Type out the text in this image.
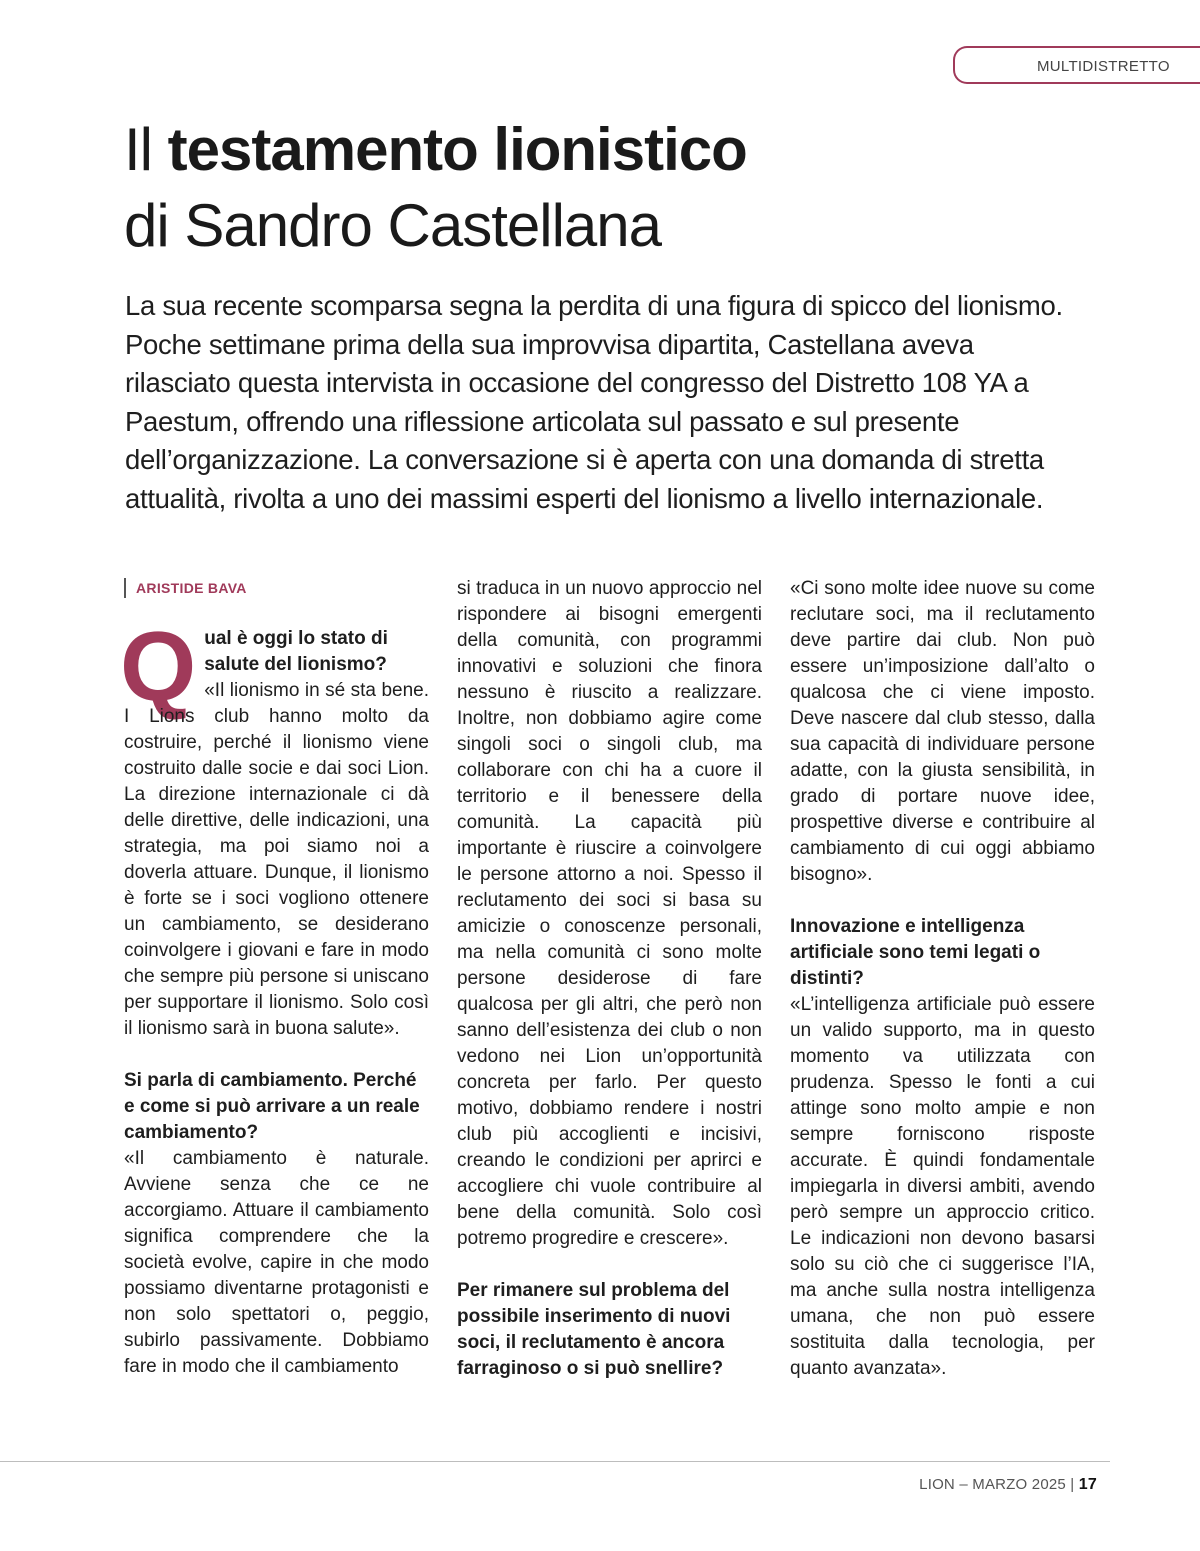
MULTIDISTRETTO
Il testamento lionistico
di Sandro Castellana

La sua recente scomparsa segna la perdita di una figura di spicco del lionismo. Poche settimane prima della sua improvvisa dipartita, Castellana aveva rilasciato questa intervista in occasione del congresso del Distretto 108 YA a Paestum, offrendo una riflessione articolata sul passato e sul presente dell’organizzazione. La conversazione si è aperta con una domanda di stretta attualità, rivolta a uno dei massimi esperti del lionismo a livello internazionale.

ARISTIDE BAVA
Q ual è oggi lo stato di salute del lionismo?

«Il lionismo in sé sta bene. I Lions club hanno molto da costruire, perché il lionismo viene costruito dalle socie e dai soci Lion. La direzione internazionale ci dà delle direttive, delle indicazioni, una strategia, ma poi siamo noi a doverla attuare. Dunque, il lionismo è forte se i soci vogliono ottenere un cambiamento, se desiderano coinvolgere i giovani e fare in modo che sempre più persone si uniscano per supportare il lionismo. Solo così il lionismo sarà in buona salute».

Si parla di cambiamento. Perché e come si può arrivare a un reale cambiamento?

«Il cambiamento è naturale. Avviene senza che ce ne accorgiamo. Attuare il cambiamento significa comprendere che la società evolve, capire in che modo possiamo diventarne protagonisti e non solo spettatori o, peggio, subirlo passivamente. Dobbiamo fare in modo che il cambiamento

si traduca in un nuovo approccio nel rispondere ai bisogni emergenti della comunità, con programmi innovativi e soluzioni che finora nessuno è riuscito a realizzare. Inoltre, non dobbiamo agire come singoli soci o singoli club, ma collaborare con chi ha a cuore il territorio e il benessere della comunità. La capacità più importante è riuscire a coinvolgere le persone attorno a noi. Spesso il reclutamento dei soci si basa su amicizie o conoscenze personali, ma nella comunità ci sono molte persone desiderose di fare qualcosa per gli altri, che però non sanno dell’esistenza dei club o non vedono nei Lion un’opportunità concreta per farlo. Per questo motivo, dobbiamo rendere i nostri club più accoglienti e incisivi, creando le condizioni per aprirci e accogliere chi vuole contribuire al bene della comunità. Solo così potremo progredire e crescere».

Per rimanere sul problema del possibile inserimento di nuovi soci, il reclutamento è ancora farraginoso o si può snellire?

«Ci sono molte idee nuove su come reclutare soci, ma il reclutamento deve partire dai club. Non può essere un’imposizione dall’alto o qualcosa che ci viene imposto. Deve nascere dal club stesso, dalla sua capacità di individuare persone adatte, con la giusta sensibilità, in grado di portare nuove idee, prospettive diverse e contribuire al cambiamento di cui oggi abbiamo bisogno».

Innovazione e intelligenza artificiale sono temi legati o distinti?

«L’intelligenza artificiale può essere un valido supporto, ma in questo momento va utilizzata con prudenza. Spesso le fonti a cui attinge sono molto ampie e non sempre forniscono risposte accurate. È quindi fondamentale impiegarla in diversi ambiti, avendo però sempre un approccio critico. Le indicazioni non devono basarsi solo su ciò che ci suggerisce l’IA, ma anche sulla nostra intelligenza umana, che non può essere sostituita dalla tecnologia, per quanto avanzata».

LION – MARZO 2025 | 17
